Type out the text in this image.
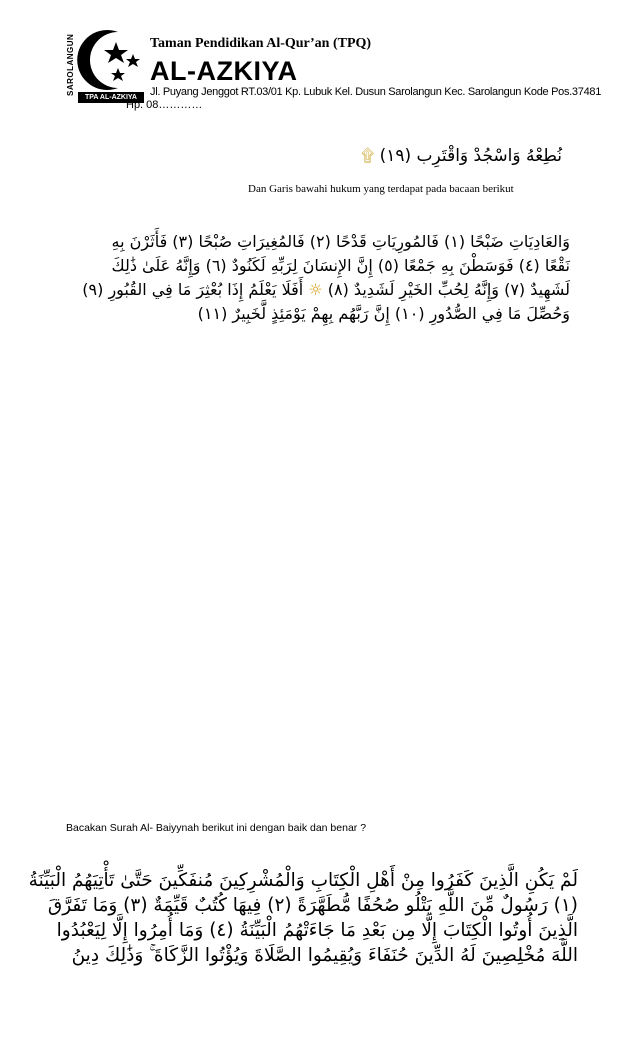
SAROLANGUN
TPA AL-AZKIYA
Taman Pendidikan Al-Qur’an (TPQ)
AL-AZKIYA
Jl. Puyang Jenggot RT.03/01 Kp. Lubuk Kel. Dusun Sarolangun Kec. Sarolangun Kode Pos.37481
Hp. 08…………
نُطِعْهُ وَاسْجُدْ وَاقْتَرِب (١٩) ۩
Dan Garis bawahi hukum yang terdapat pada bacaan berikut
وَالعَادِيَاتِ ضَبْحًا (١) فَالمُورِيَاتِ قَدْحًا (٢) فَالمُغِيرَاتِ صُبْحًا (٣) فَأَثَرْنَ بِهِ
نَقْعًا (٤) فَوَسَطْنَ بِهِ جَمْعًا (٥) إِنَّ الإِنسَانَ لِرَبِّهِ لَكَنُودٌ (٦) وَإِنَّهُ عَلَىٰ ذَٰلِكَ
لَشَهِيدٌ (٧) وَإِنَّهُ لِحُبِّ الخَيْرِ لَشَدِيدٌ (٨) ☼ أَفَلَا يَعْلَمُ إِذَا بُعْثِرَ مَا فِي القُبُورِ (٩)
وَحُصِّلَ مَا فِي الصُّدُورِ (١٠) إِنَّ رَبَّهُم بِهِمْ يَوْمَئِذٍ لَّخَبِيرٌ (١١)
Bacakan Surah Al- Baiyynah berikut ini dengan baik dan benar ?
لَمْ يَكُنِ الَّذِينَ كَفَرُوا مِنْ أَهْلِ الْكِتَابِ وَالْمُشْرِكِينَ مُنفَكِّينَ حَتَّىٰ تَأْتِيَهُمُ الْبَيِّنَةُ
(١) رَسُولٌ مِّنَ اللَّهِ يَتْلُو صُحُفًا مُّطَهَّرَةً (٢) فِيهَا كُتُبٌ قَيِّمَةٌ (٣) وَمَا تَفَرَّقَ
الَّذِينَ أُوتُوا الْكِتَابَ إِلَّا مِن بَعْدِ مَا جَاءَتْهُمُ الْبَيِّنَةُ (٤) وَمَا أُمِرُوا إِلَّا لِيَعْبُدُوا
اللَّهَ مُخْلِصِينَ لَهُ الدِّينَ حُنَفَاءَ وَيُقِيمُوا الصَّلَاةَ وَيُؤْتُوا الزَّكَاةَ وَذَٰلِكَ دِينُ
